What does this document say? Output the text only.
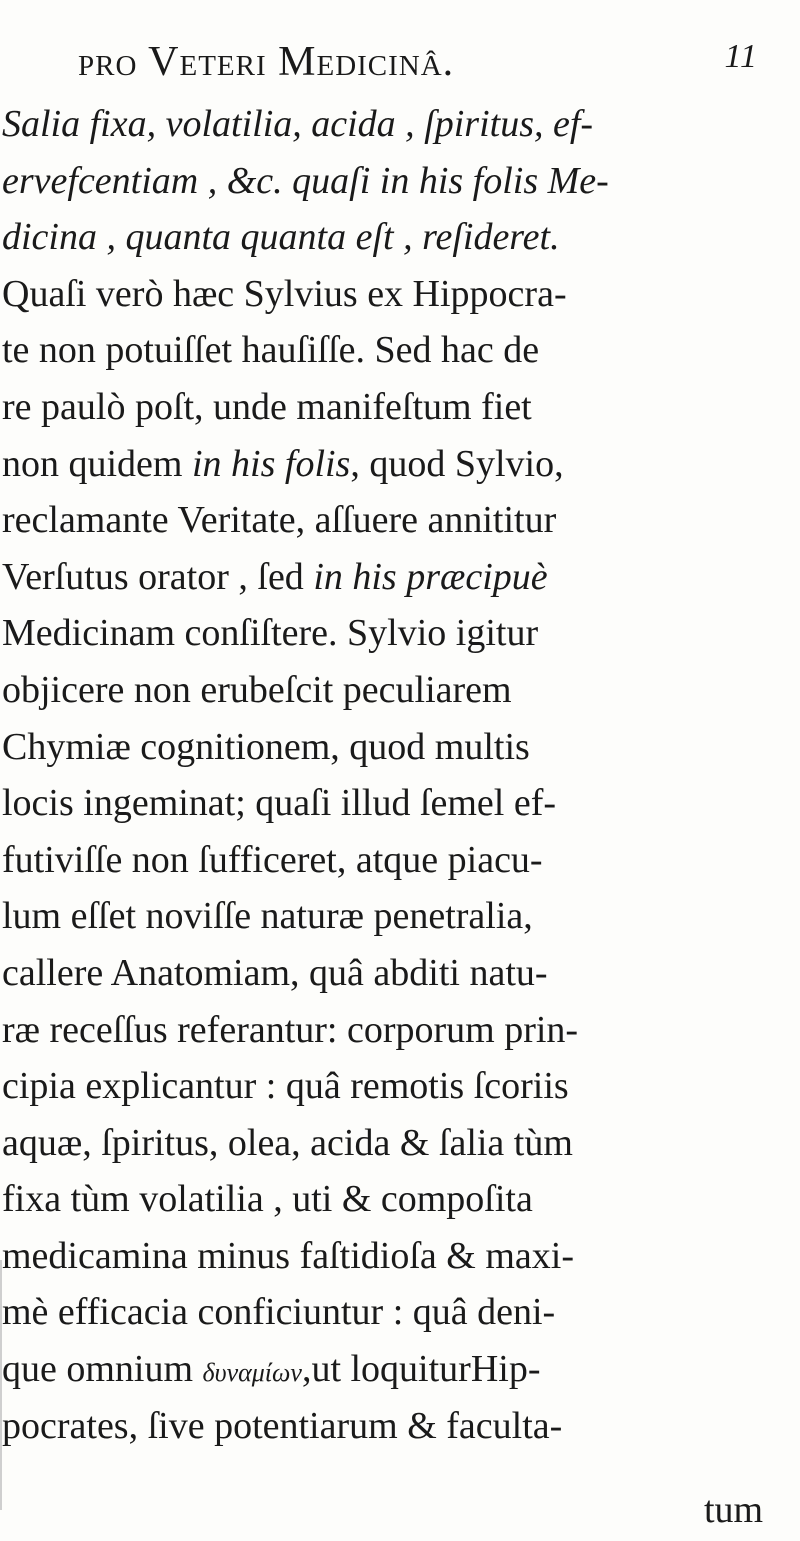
pro Veteri Medicinâ.	11
Salia fixa, volatilia, acida , ſpiritus, ef-
ervefcentiam , &c. quaſi in his folis Me-
dicina , quanta quanta eſt , reſideret.
Quaſi verò hæc Sylvius ex Hippocra-
te non potuiſſet hauſiſſe. Sed hac de
re paulò poſt, unde manifeſtum fiet
non quidem in his folis, quod Sylvio,
reclamante Veritate, aſſuere annititur
Verſutus orator , ſed in his præcipuè
Medicinam conſiſtere. Sylvio igitur
objicere non erubeſcit peculiarem
Chymiæ cognitionem, quod multis
locis ingeminat; quaſi illud ſemel ef-
futiviſſe non ſufficeret, atque piacu-
lum eſſet noviſſe naturæ penetralia,
callere Anatomiam, quâ abditi natu-
ræ receſſus referantur: corporum prin-
cipia explicantur : quâ remotis ſcoriis
aquæ, ſpiritus, olea, acida & ſalia tùm
fixa tùm volatilia , uti & compoſita
medicamina minus faſtidioſa & maxi-
mè efficacia conficiuntur : quâ deni-
que omnium δυναμίων,ut loquiturHip-
pocrates, ſive potentiarum & faculta-
tum
